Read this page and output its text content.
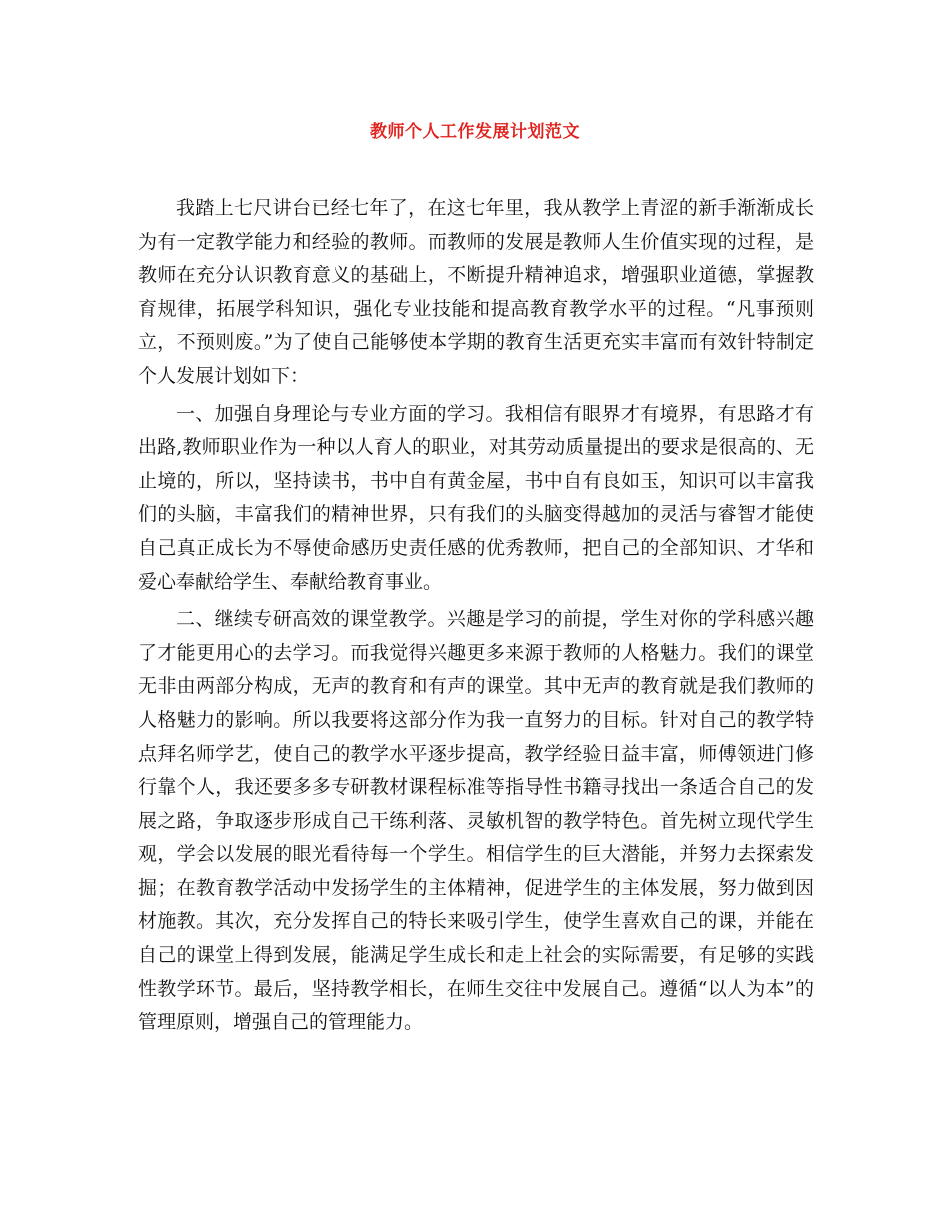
教师个人工作发展计划范文

我踏上七尺讲台已经七年了，在这七年里，我从教学上青涩的新手渐渐成长为有一定教学能力和经验的教师。而教师的发展是教师人生价值实现的过程，是教师在充分认识教育意义的基础上，不断提升精神追求，增强职业道德，掌握教育规律，拓展学科知识，强化专业技能和提高教育教学水平的过程。“凡事预则立，不预则废。”为了使自己能够使本学期的教育生活更充实丰富而有效针特制定个人发展计划如下：

一、加强自身理论与专业方面的学习。我相信有眼界才有境界，有思路才有出路,教师职业作为一种以人育人的职业，对其劳动质量提出的要求是很高的、无止境的，所以，坚持读书，书中自有黄金屋，书中自有良如玉，知识可以丰富我们的头脑，丰富我们的精神世界，只有我们的头脑变得越加的灵活与睿智才能使自己真正成长为不辱使命感历史责任感的优秀教师，把自己的全部知识、才华和爱心奉献给学生、奉献给教育事业。

二、继续专研高效的课堂教学。兴趣是学习的前提，学生对你的学科感兴趣了才能更用心的去学习。而我觉得兴趣更多来源于教师的人格魅力。我们的课堂无非由两部分构成，无声的教育和有声的课堂。其中无声的教育就是我们教师的人格魅力的影响。所以我要将这部分作为我一直努力的目标。针对自己的教学特点拜名师学艺，使自己的教学水平逐步提高，教学经验日益丰富，师傅领进门修行靠个人，我还要多多专研教材课程标准等指导性书籍寻找出一条适合自己的发展之路，争取逐步形成自己干练利落、灵敏机智的教学特色。首先树立现代学生观，学会以发展的眼光看待每一个学生。相信学生的巨大潜能，并努力去探索发掘；在教育教学活动中发扬学生的主体精神，促进学生的主体发展，努力做到因材施教。其次，充分发挥自己的特长来吸引学生，使学生喜欢自己的课，并能在自己的课堂上得到发展，能满足学生成长和走上社会的实际需要，有足够的实践性教学环节。最后，坚持教学相长，在师生交往中发展自己。遵循“以人为本”的管理原则，增强自己的管理能力。
